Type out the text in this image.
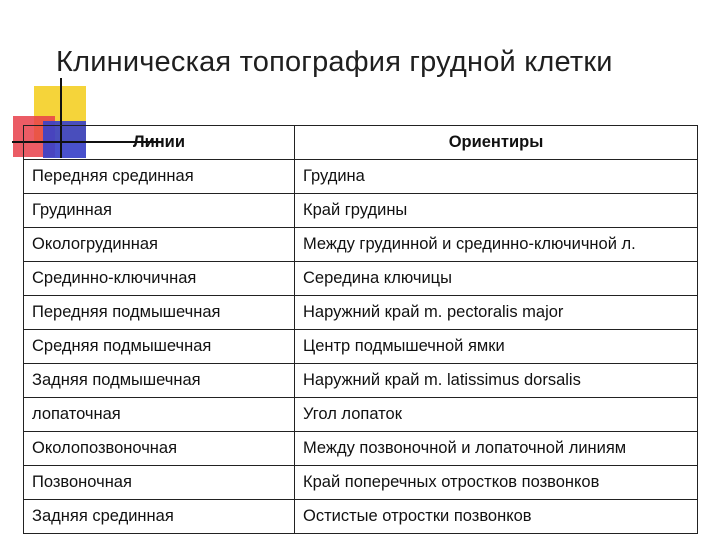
Клиническая топография грудной клетки
Линии	Ориентиры
Передняя срединная	Грудина
Грудинная	Край грудины
Окологрудинная	Между грудинной и срединно-ключичной л.
Срединно-ключичная	Середина ключицы
Передняя подмышечная	Наружний край m. pectoralis major
Средняя подмышечная	Центр подмышечной ямки
Задняя подмышечная	Наружний край m. latissimus dorsalis
лопаточная	Угол лопаток
Околопозвоночная	Между позвоночной и лопаточной линиям
Позвоночная	Край поперечных отростков позвонков
Задняя срединная	Остистые отростки позвонков
